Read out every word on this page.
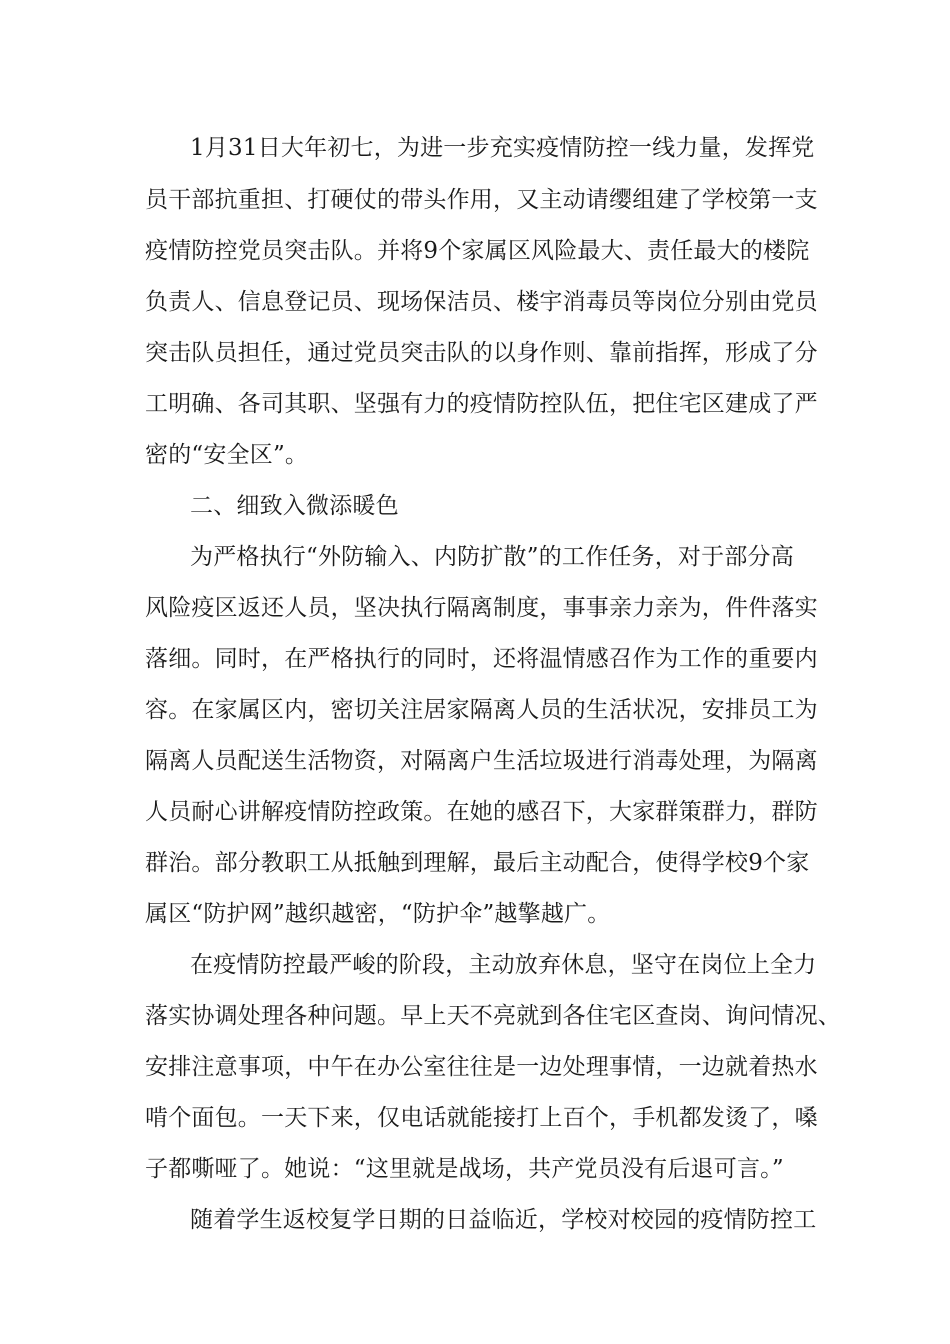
1月31日大年初七，为进一步充实疫情防控一线力量，发挥党
员干部抗重担、打硬仗的带头作用，又主动请缨组建了学校第一支
疫情防控党员突击队。并将9个家属区风险最大、责任最大的楼院
负责人、信息登记员、现场保洁员、楼宇消毒员等岗位分别由党员
突击队员担任，通过党员突击队的以身作则、靠前指挥，形成了分
工明确、各司其职、坚强有力的疫情防控队伍，把住宅区建成了严
密的“安全区”。
二、细致入微添暖色
为严格执行“外防输入、内防扩散”的工作任务，对于部分高
风险疫区返还人员，坚决执行隔离制度，事事亲力亲为，件件落实
落细。同时，在严格执行的同时，还将温情感召作为工作的重要内
容。在家属区内，密切关注居家隔离人员的生活状况，安排员工为
隔离人员配送生活物资，对隔离户生活垃圾进行消毒处理，为隔离
人员耐心讲解疫情防控政策。在她的感召下，大家群策群力，群防
群治。部分教职工从抵触到理解，最后主动配合，使得学校9个家
属区“防护网”越织越密，“防护伞”越擎越广。
在疫情防控最严峻的阶段，主动放弃休息，坚守在岗位上全力
落实协调处理各种问题。早上天不亮就到各住宅区查岗、询问情况、
安排注意事项，中午在办公室往往是一边处理事情，一边就着热水
啃个面包。一天下来，仅电话就能接打上百个，手机都发烫了，嗓
子都嘶哑了。她说：“这里就是战场，共产党员没有后退可言。”
随着学生返校复学日期的日益临近，学校对校园的疫情防控工
